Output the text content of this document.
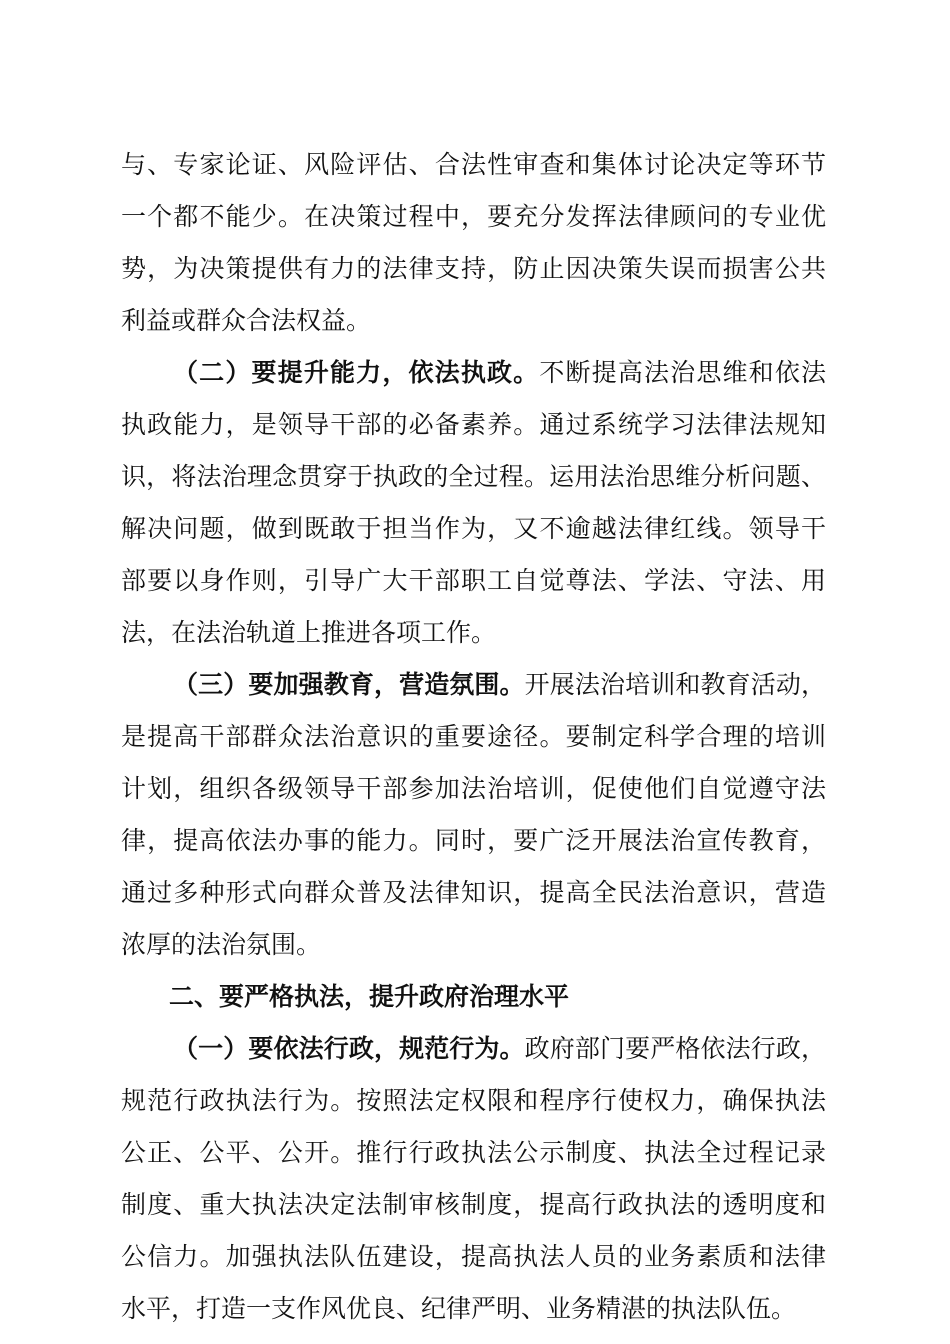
与、专家论证、风险评估、合法性审查和集体讨论决定等环节
一个都不能少。在决策过程中，要充分发挥法律顾问的专业优
势，为决策提供有力的法律支持，防止因决策失误而损害公共
利益或群众合法权益。
（二）要提升能力，依法执政。不断提高法治思维和依法
执政能力，是领导干部的必备素养。通过系统学习法律法规知
识，将法治理念贯穿于执政的全过程。运用法治思维分析问题、
解决问题，做到既敢于担当作为，又不逾越法律红线。领导干
部要以身作则，引导广大干部职工自觉尊法、学法、守法、用
法，在法治轨道上推进各项工作。
（三）要加强教育，营造氛围。开展法治培训和教育活动，
是提高干部群众法治意识的重要途径。要制定科学合理的培训
计划，组织各级领导干部参加法治培训，促使他们自觉遵守法
律，提高依法办事的能力。同时，要广泛开展法治宣传教育，
通过多种形式向群众普及法律知识，提高全民法治意识，营造
浓厚的法治氛围。
二、要严格执法，提升政府治理水平
（一）要依法行政，规范行为。政府部门要严格依法行政，
规范行政执法行为。按照法定权限和程序行使权力，确保执法
公正、公平、公开。推行行政执法公示制度、执法全过程记录
制度、重大执法决定法制审核制度，提高行政执法的透明度和
公信力。加强执法队伍建设，提高执法人员的业务素质和法律
水平，打造一支作风优良、纪律严明、业务精湛的执法队伍。
